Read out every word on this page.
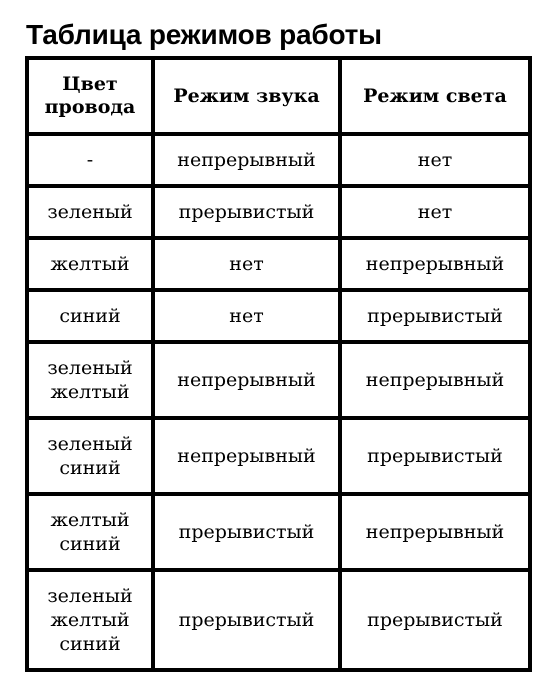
Таблица режимов работы
Цвет
провода	Режим звука	Режим света

-	непрерывный	нет

зеленый	прерывистый	нет

желтый	нет	непрерывный

синий	нет	прерывистый

зеленый
желтый	непрерывный	непрерывный

зеленый
синий	непрерывный	прерывистый

желтый
синий	прерывистый	непрерывный

зеленый
желтый
синий	прерывистый	прерывистый
